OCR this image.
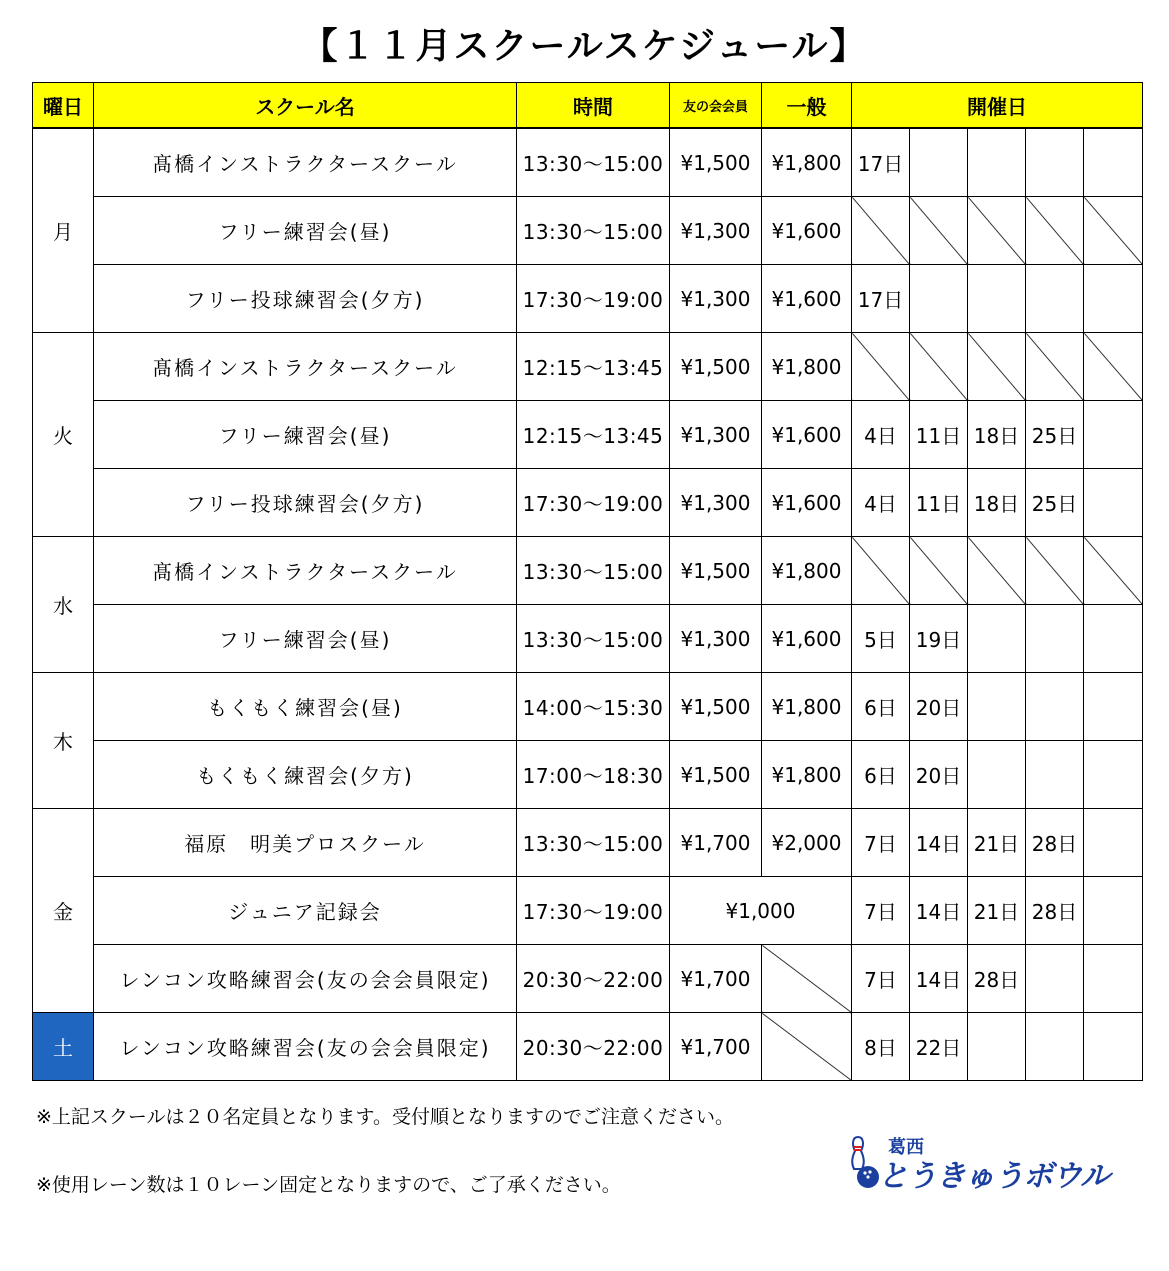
【１１月スクールスケジュール】
曜日	スクール名	時間	友の会会員	一般	開催日				
月	髙橋インストラクタースクール	13:30〜15:00	¥1,500	¥1,800	17日				
	フリー練習会(昼)	13:30〜15:00	¥1,300	¥1,600					
	フリー投球練習会(夕方)	17:30〜19:00	¥1,300	¥1,600	17日				
火	髙橋インストラクタースクール	12:15〜13:45	¥1,500	¥1,800					
	フリー練習会(昼)	12:15〜13:45	¥1,300	¥1,600	4日	11日	18日	25日	
	フリー投球練習会(夕方)	17:30〜19:00	¥1,300	¥1,600	4日	11日	18日	25日	
水	髙橋インストラクタースクール	13:30〜15:00	¥1,500	¥1,800					
	フリー練習会(昼)	13:30〜15:00	¥1,300	¥1,600	5日	19日			
木	もくもく練習会(昼)	14:00〜15:30	¥1,500	¥1,800	6日	20日			
	もくもく練習会(夕方)	17:00〜18:30	¥1,500	¥1,800	6日	20日			
金	福原　明美プロスクール	13:30〜15:00	¥1,700	¥2,000	7日	14日	21日	28日	
	ジュニア記録会	17:30〜19:00	¥1,000		7日	14日	21日	28日	
	レンコン攻略練習会(友の会会員限定)	20:30〜22:00	¥1,700		7日	14日	28日		
土	レンコン攻略練習会(友の会会員限定)	20:30〜22:00	¥1,700		8日	22日			
※上記スクールは２０名定員となります。受付順となりますのでご注意ください。
※使用レーン数は１０レーン固定となりますので、ご了承ください。
葛西
とうきゅうボウル
